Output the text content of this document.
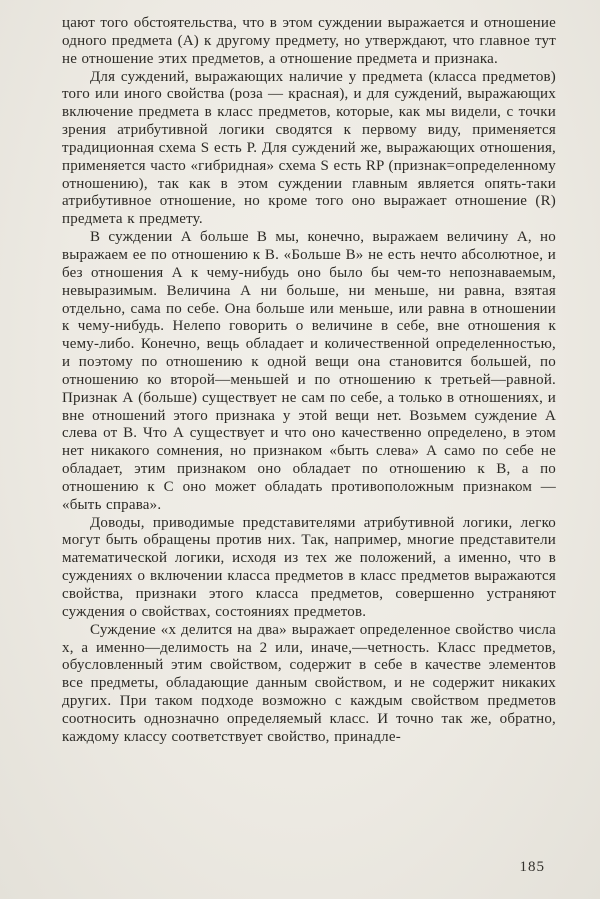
цают того обстоятельства, что в этом суждении выражается и отношение одного предмета (А) к другому предмету, но утверждают, что главное тут не отношение этих предметов, а отношение предмета и признака.

Для суждений, выражающих наличие у предмета (класса предметов) того или иного свойства (роза — красная), и для суждений, выражающих включение предмета в класс предметов, которые, как мы видели, с точки зрения атрибутивной логики сводятся к первому виду, применяется традиционная схема S есть Р. Для суждений же, выражающих отношения, применяется часто «гибридная» схема S есть RP (признак=определенному отношению), так как в этом суждении главным является опять-таки атрибутивное отношение, но кроме того оно выражает отношение (R) предмета к предмету.

В суждении А больше В мы, конечно, выражаем величину А, но выражаем ее по отношению к В. «Больше В» не есть нечто абсолютное, и без отношения А к чему-нибудь оно было бы чем-то непознаваемым, невыразимым. Величина А ни больше, ни меньше, ни равна, взятая отдельно, сама по себе. Она больше или меньше, или равна в отношении к чему-нибудь. Нелепо говорить о величине в себе, вне отношения к чему-либо. Конечно, вещь обладает и количественной определенностью, и поэтому по отношению к одной вещи она становится большей, по отношению ко второй—меньшей и по отношению к третьей—равной. Признак А (больше) существует не сам по себе, а только в отношениях, и вне отношений этого признака у этой вещи нет. Возьмем суждение А слева от В. Что А существует и что оно качественно определено, в этом нет никакого сомнения, но признаком «быть слева» А само по себе не обладает, этим признаком оно обладает по отношению к В, а по отношению к С оно может обладать противоположным признаком — «быть справа».

Доводы, приводимые представителями атрибутивной логики, легко могут быть обращены против них. Так, например, многие представители математической логики, исходя из тех же положений, а именно, что в суждениях о включении класса предметов в класс предметов выражаются свойства, признаки этого класса предметов, совершенно устраняют суждения о свойствах, состояниях предметов.

Суждение «х делится на два» выражает определенное свойство числа х, а именно—делимость на 2 или, иначе,—четность. Класс предметов, обусловленный этим свойством, содержит в себе в качестве элементов все предметы, обладающие данным свойством, и не содержит никаких других. При таком подходе возможно с каждым свойством предметов соотносить однозначно определяемый класс. И точно так же, обратно, каждому классу соответствует свойство, принадле-

185
